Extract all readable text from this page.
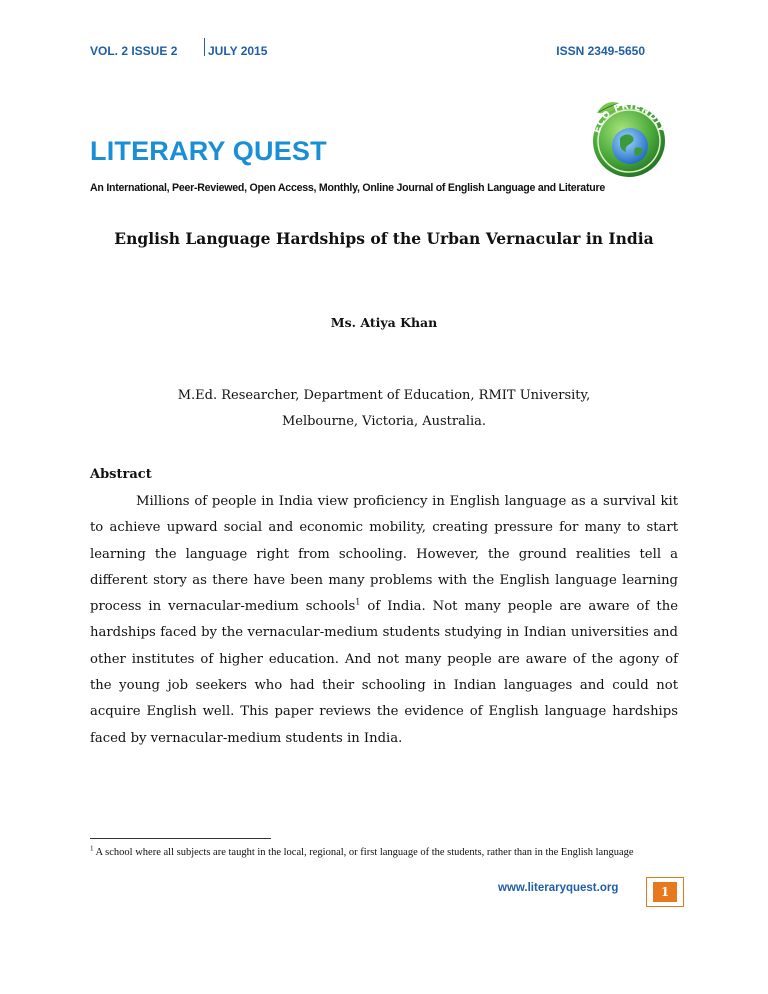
VOL. 2 ISSUE 2	JULY 2015	ISSN 2349-5650
ECO FRIENDLY
LITERARY QUEST
An International, Peer-Reviewed, Open Access, Monthly, Online Journal of English Language and Literature
English Language Hardships of the Urban Vernacular in India
Ms. Atiya Khan
M.Ed. Researcher, Department of Education, RMIT University,
Melbourne, Victoria, Australia.
Abstract

Millions of people in India view proficiency in English language as a survival kit to achieve upward social and economic mobility, creating pressure for many to start learning the language right from schooling. However, the ground realities tell a different story as there have been many problems with the English language learning process in vernacular-medium schools$^1$ of India. Not many people are aware of the hardships faced by the vernacular-medium students studying in Indian universities and other institutes of higher education. And not many people are aware of the agony of the young job seekers who had their schooling in Indian languages and could not acquire English well. This paper reviews the evidence of English language hardships faced by vernacular-medium students in India.

$^1$ A school where all subjects are taught in the local, regional, or first language of the students, rather than in the English language

www.literaryquest.org	1
